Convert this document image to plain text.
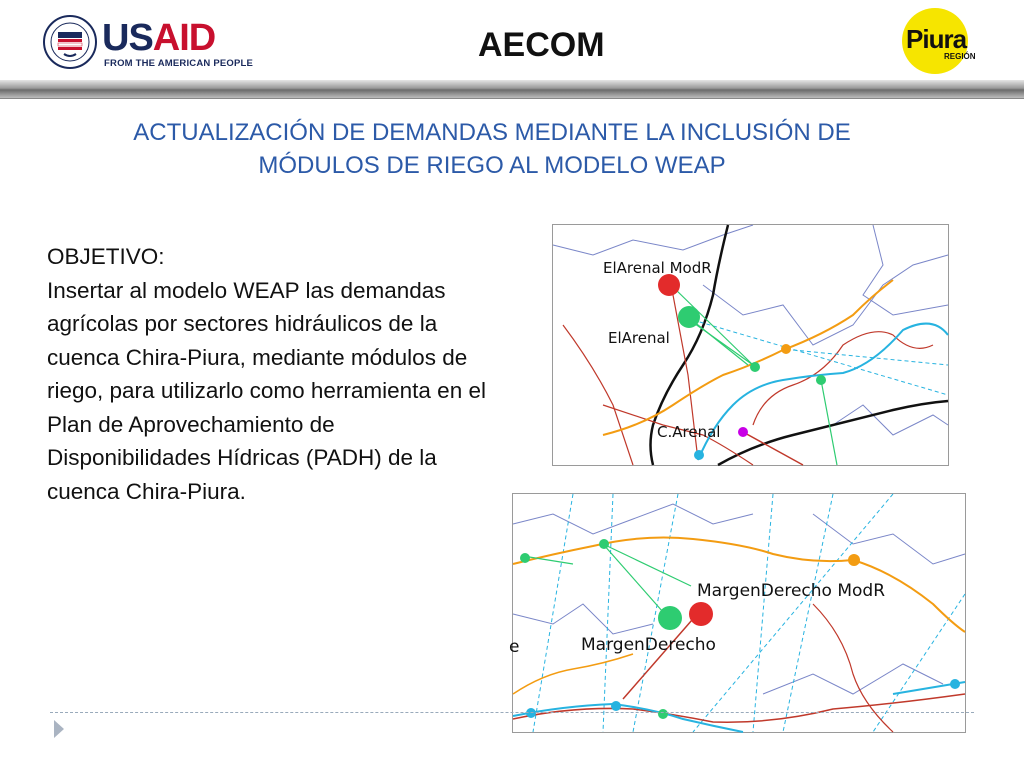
USAID
FROM THE AMERICAN PEOPLE	AECOM	Piura
REGIÓN
ACTUALIZACIÓN DE DEMANDAS MEDIANTE LA INCLUSIÓN DE
MÓDULOS DE RIEGO AL MODELO WEAP
OBJETIVO:
Insertar al modelo WEAP las demandas agrícolas por sectores hidráulicos de la cuenca Chira-Piura, mediante módulos de riego, para utilizarlo como herramienta en el Plan de Aprovechamiento de Disponibilidades Hídricas (PADH) de la cuenca Chira-Piura.
ElArenal ModR
ElArenal
C.Arenal
MargenDerecho ModR
MargenDerecho
e
